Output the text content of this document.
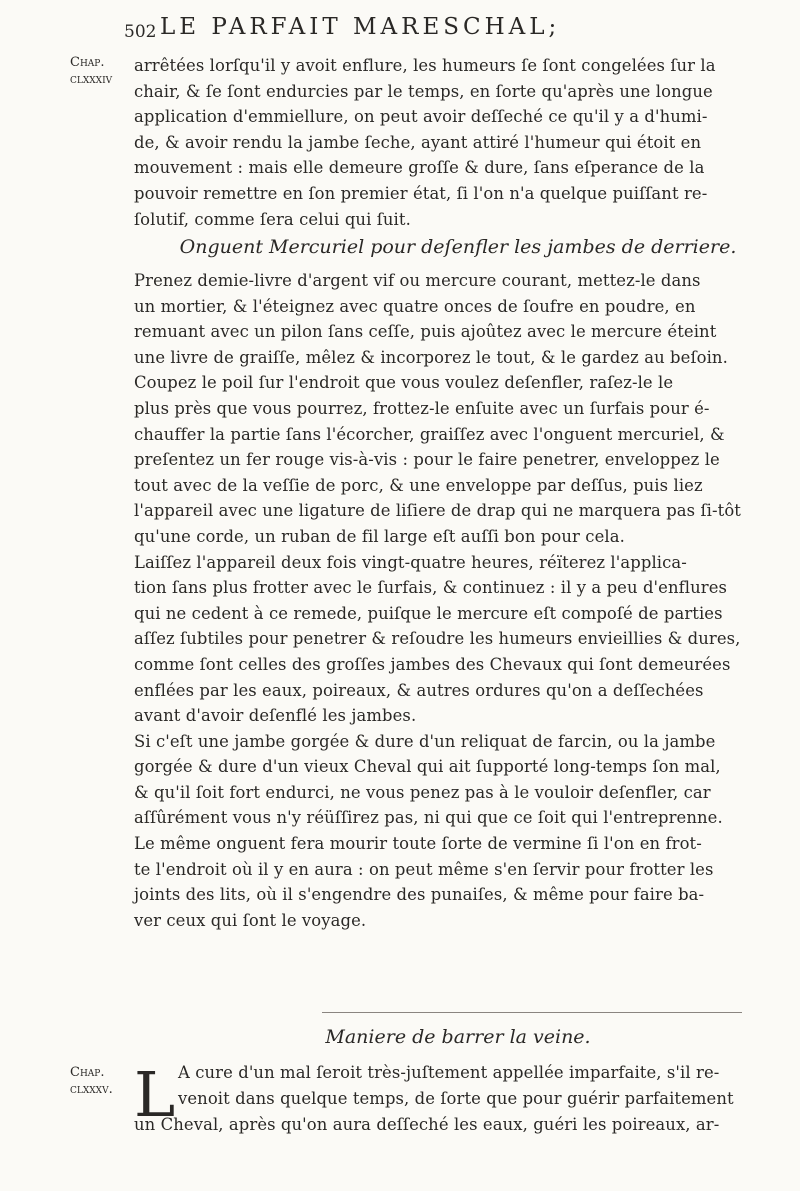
502 LE PARFAIT MARESCHAL;
Chap.
clxxxiv
arrêtées lorſqu'il y avoit enflure, les humeurs ſe ſont congelées ſur la
chair, & ſe ſont endurcies par le temps, en ſorte qu'après une longue
application d'emmiellure, on peut avoir deſſeché ce qu'il y a d'humi-
de, & avoir rendu la jambe ſeche, ayant attiré l'humeur qui étoit en
mouvement : mais elle demeure groſſe & dure, ſans eſperance de la
pouvoir remettre en ſon premier état, ſi l'on n'a quelque puiſſant re-
ſolutif, comme ſera celui qui ſuit.
Onguent Mercuriel pour deſenfler les jambes de derriere.
Prenez demie-livre d'argent vif ou mercure courant, mettez-le dans
un mortier, & l'éteignez avec quatre onces de ſoufre en poudre, en
remuant avec un pilon ſans ceſſe, puis ajoûtez avec le mercure éteint
une livre de graiſſe, mêlez & incorporez le tout, & le gardez au beſoin.
Coupez le poil ſur l'endroit que vous voulez deſenfler, raſez-le le
plus près que vous pourrez, frottez-le enſuite avec un ſurfais pour é-
chauffer la partie ſans l'écorcher, graiſſez avec l'onguent mercuriel, &
preſentez un fer rouge vis-à-vis : pour le faire penetrer, enveloppez le
tout avec de la veſſie de porc, & une enveloppe par deſſus, puis liez
l'appareil avec une ligature de liſiere de drap qui ne marquera pas ſi-tôt
qu'une corde, un ruban de fil large eſt auſſi bon pour cela.
Laiſſez l'appareil deux fois vingt-quatre heures, réïterez l'applica-
tion ſans plus frotter avec le ſurfais, & continuez : il y a peu d'enflures
qui ne cedent à ce remede, puiſque le mercure eſt compoſé de parties
aſſez ſubtiles pour penetrer & reſoudre les humeurs envieillies & dures,
comme ſont celles des groſſes jambes des Chevaux qui ſont demeurées
enflées par les eaux, poireaux, & autres ordures qu'on a deſſechées
avant d'avoir deſenflé les jambes.
Si c'eſt une jambe gorgée & dure d'un reliquat de farcin, ou la jambe
gorgée & dure d'un vieux Cheval qui ait ſupporté long-temps ſon mal,
& qu'il ſoit fort endurci, ne vous penez pas à le vouloir deſenfler, car
aſſûrément vous n'y réüſſirez pas, ni qui que ce ſoit qui l'entreprenne.
Le même onguent fera mourir toute ſorte de vermine ſi l'on en frot-
te l'endroit où il y en aura : on peut même s'en ſervir pour frotter les
joints des lits, où il s'engendre des punaiſes, & même pour faire ba-
ver ceux qui ſont le voyage.
Maniere de barrer la veine.
Chap.
clxxxv. L A cure d'un mal ſeroit très-juſtement appellée imparfaite, s'il re-
venoit dans quelque temps, de ſorte que pour guérir parfaitement
un Cheval, après qu'on aura deſſeché les eaux, guéri les poireaux, ar-
